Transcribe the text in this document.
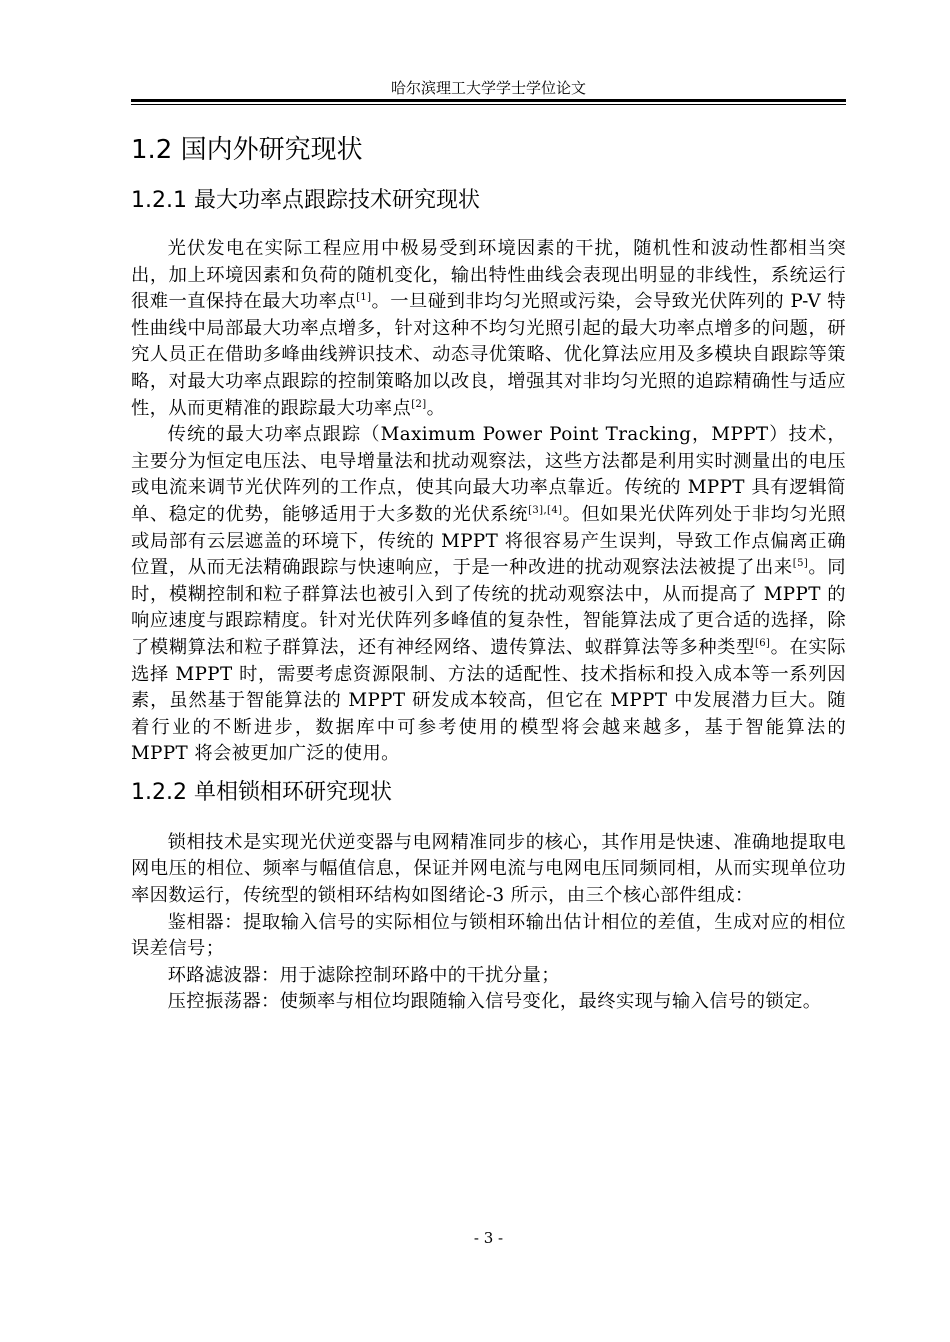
哈尔滨理工大学学士学位论文
1.2 国内外研究现状
1.2.1 最大功率点跟踪技术研究现状

光伏发电在实际工程应用中极易受到环境因素的干扰，随机性和波动性都相当突出，加上环境因素和负荷的随机变化，输出特性曲线会表现出明显的非线性，系统运行很难一直保持在最大功率点[1]。一旦碰到非均匀光照或污染，会导致光伏阵列的 P-V 特性曲线中局部最大功率点增多，针对这种不均匀光照引起的最大功率点增多的问题，研究人员正在借助多峰曲线辨识技术、动态寻优策略、优化算法应用及多模块自跟踪等策略，对最大功率点跟踪的控制策略加以改良，增强其对非均匀光照的追踪精确性与适应性，从而更精准的跟踪最大功率点[2]。

传统的最大功率点跟踪（Maximum Power Point Tracking，MPPT）技术，主要分为恒定电压法、电导增量法和扰动观察法，这些方法都是利用实时测量出的电压或电流来调节光伏阵列的工作点，使其向最大功率点靠近。传统的 MPPT 具有逻辑简单、稳定的优势，能够适用于大多数的光伏系统[3],[4]。但如果光伏阵列处于非均匀光照或局部有云层遮盖的环境下，传统的 MPPT 将很容易产生误判，导致工作点偏离正确位置，从而无法精确跟踪与快速响应，于是一种改进的扰动观察法法被提了出来[5]。同时，模糊控制和粒子群算法也被引入到了传统的扰动观察法中，从而提高了 MPPT 的响应速度与跟踪精度。针对光伏阵列多峰值的复杂性，智能算法成了更合适的选择，除了模糊算法和粒子群算法，还有神经网络、遗传算法、蚁群算法等多种类型[6]。在实际选择 MPPT 时，需要考虑资源限制、方法的适配性、技术指标和投入成本等一系列因素，虽然基于智能算法的 MPPT 研发成本较高，但它在 MPPT 中发展潜力巨大。随着行业的不断进步，数据库中可参考使用的模型将会越来越多，基于智能算法的 MPPT 将会被更加广泛的使用。

1.2.2 单相锁相环研究现状

锁相技术是实现光伏逆变器与电网精准同步的核心，其作用是快速、准确地提取电网电压的相位、频率与幅值信息，保证并网电流与电网电压同频同相，从而实现单位功率因数运行，传统型的锁相环结构如图绪论-3 所示，由三个核心部件组成：

鉴相器：提取输入信号的实际相位与锁相环输出估计相位的差值，生成对应的相位误差信号；

环路滤波器：用于滤除控制环路中的干扰分量；

压控振荡器：使频率与相位均跟随输入信号变化，最终实现与输入信号的锁定。

- 3 -
